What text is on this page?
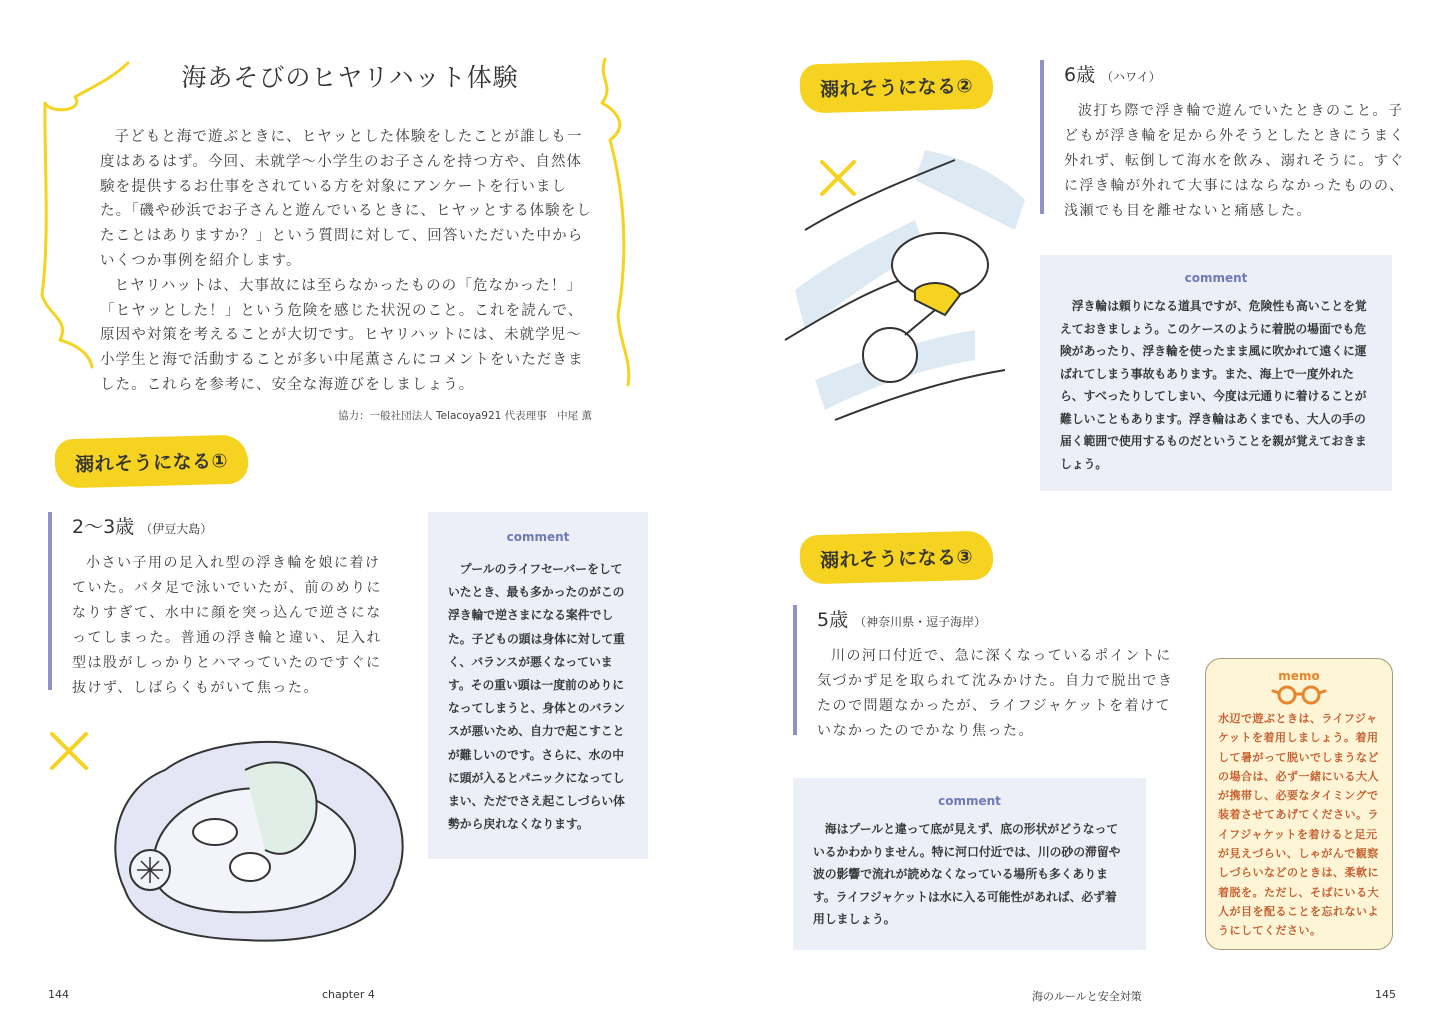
海あそびのヒヤリハット体験

子どもと海で遊ぶときに、ヒヤッとした体験をしたことが誰しも一度はあるはず。今回、未就学～小学生のお子さんを持つ方や、自然体験を提供するお仕事をされている方を対象にアンケートを行いました。「磯や砂浜でお子さんと遊んでいるときに、ヒヤッとする体験をしたことはありますか？」という質問に対して、回答いただいた中からいくつか事例を紹介します。

ヒヤリハットは、大事故には至らなかったものの「危なかった！」「ヒヤッとした！」という危険を感じた状況のこと。これを読んで、原因や対策を考えることが大切です。ヒヤリハットには、未就学児～小学生と海で活動することが多い中尾薫さんにコメントをいただきました。これらを参考に、安全な海遊びをしましょう。

協力：一般社団法人 Telacoya921 代表理事　中尾 薫
溺れそうになる①
2～3歳 （伊豆大島）
小さい子用の足入れ型の浮き輪を娘に着けていた。バタ足で泳いでいたが、前のめりになりすぎて、水中に顔を突っ込んで逆さになってしまった。普通の浮き輪と違い、足入れ型は股がしっかりとハマっていたのですぐに抜けず、しばらくもがいて焦った。
comment
プールのライフセーバーをしていたとき、最も多かったのがこの浮き輪で逆さまになる案件でした。子どもの頭は身体に対して重く、バランスが悪くなっています。その重い頭は一度前のめりになってしまうと、身体とのバランスが悪いため、自力で起こすことが難しいのです。さらに、水の中に頭が入るとパニックになってしまい、ただでさえ起こしづらい体勢から戻れなくなります。
溺れそうになる②	6歳 （ハワイ）
波打ち際で浮き輪で遊んでいたときのこと。子どもが浮き輪を足から外そうとしたときにうまく外れず、転倒して海水を飲み、溺れそうに。すぐに浮き輪が外れて大事にはならなかったものの、浅瀬でも目を離せないと痛感した。
comment
浮き輪は頼りになる道具ですが、危険性も高いことを覚えておきましょう。このケースのように着脱の場面でも危険があったり、浮き輪を使ったまま風に吹かれて遠くに運ばれてしまう事故もあります。また、海上で一度外れたら、すべったりしてしまい、今度は元通りに着けることが難しいこともあります。浮き輪はあくまでも、大人の手の届く範囲で使用するものだということを親が覚えておきましょう。
溺れそうになる③
5歳 （神奈川県・逗子海岸）
川の河口付近で、急に深くなっているポイントに気づかず足を取られて沈みかけた。自力で脱出できたので問題なかったが、ライフジャケットを着けていなかったのでかなり焦った。
comment
海はプールと違って底が見えず、底の形状がどうなっているかわかりません。特に河口付近では、川の砂の滞留や波の影響で流れが読めなくなっている場所も多くあります。ライフジャケットは水に入る可能性があれば、必ず着用しましょう。
memo
水辺で遊ぶときは、ライフジャケットを着用しましょう。着用して暑がって脱いでしまうなどの場合は、必ず一緒にいる大人が携帯し、必要なタイミングで装着させてあげてください。ライフジャケットを着けると足元が見えづらい、しゃがんで観察しづらいなどのときは、柔軟に着脱を。ただし、そばにいる大人が目を配ることを忘れないようにしてください。
144	chapter 4	海のルールと安全対策	145
